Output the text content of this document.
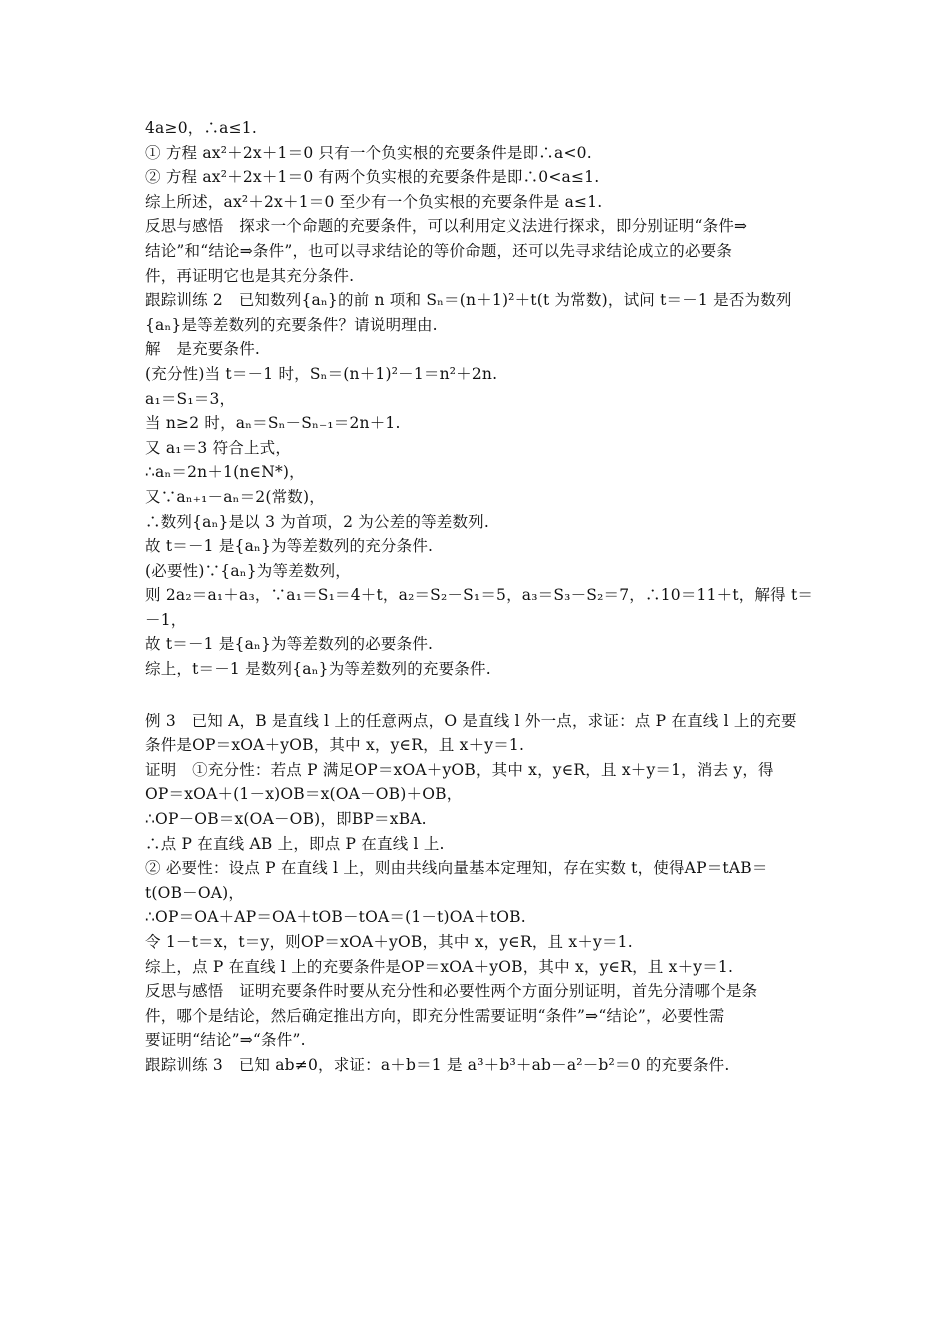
4a≥0，∴a≤1.
① 方程 ax²＋2x＋1＝0 只有一个负实根的充要条件是即∴a<0.
② 方程 ax²＋2x＋1＝0 有两个负实根的充要条件是即∴0<a≤1.
综上所述，ax²＋2x＋1＝0 至少有一个负实根的充要条件是 a≤1.
反思与感悟　探求一个命题的充要条件，可以利用定义法进行探求，即分别证明“条件⇒
结论”和“结论⇒条件”，也可以寻求结论的等价命题，还可以先寻求结论成立的必要条
件，再证明它也是其充分条件.
跟踪训练 2　已知数列{aₙ}的前 n 项和 Sₙ＝(n＋1)²＋t(t 为常数)，试问 t＝－1 是否为数列
{aₙ}是等差数列的充要条件？请说明理由.
解　是充要条件.
(充分性)当 t＝－1 时，Sₙ＝(n＋1)²－1＝n²＋2n.
a₁＝S₁＝3，
当 n≥2 时，aₙ＝Sₙ－Sₙ₋₁＝2n＋1.
又 a₁＝3 符合上式，
∴aₙ＝2n＋1(n∈N*)，
又∵aₙ₊₁－aₙ＝2(常数)，
∴数列{aₙ}是以 3 为首项，2 为公差的等差数列.
故 t＝－1 是{aₙ}为等差数列的充分条件.
(必要性)∵{aₙ}为等差数列，
则 2a₂＝a₁＋a₃，∵a₁＝S₁＝4＋t，a₂＝S₂－S₁＝5，a₃＝S₃－S₂＝7，∴10＝11＋t，解得 t＝
－1，
故 t＝－1 是{aₙ}为等差数列的必要条件.
综上，t＝－1 是数列{aₙ}为等差数列的充要条件.
例 3　已知 A，B 是直线 l 上的任意两点，O 是直线 l 外一点，求证：点 P 在直线 l 上的充要
条件是OP＝xOA＋yOB，其中 x，y∈R，且 x＋y＝1.
证明　①充分性：若点 P 满足OP＝xOA＋yOB，其中 x，y∈R，且 x＋y＝1，消去 y，得
OP＝xOA＋(1－x)OB＝x(OA－OB)＋OB，
∴OP－OB＝x(OA－OB)，即BP＝xBA.
∴点 P 在直线 AB 上，即点 P 在直线 l 上.
② 必要性：设点 P 在直线 l 上，则由共线向量基本定理知，存在实数 t，使得AP＝tAB＝
t(OB－OA)，
∴OP＝OA＋AP＝OA＋tOB－tOA＝(1－t)OA＋tOB.
令 1－t＝x，t＝y，则OP＝xOA＋yOB，其中 x，y∈R，且 x＋y＝1.
综上，点 P 在直线 l 上的充要条件是OP＝xOA＋yOB，其中 x，y∈R，且 x＋y＝1.
反思与感悟　证明充要条件时要从充分性和必要性两个方面分别证明，首先分清哪个是条
件，哪个是结论，然后确定推出方向，即充分性需要证明“条件”⇒“结论”，必要性需
要证明“结论”⇒“条件”.
跟踪训练 3　已知 ab≠0，求证：a＋b＝1 是 a³＋b³＋ab－a²－b²＝0 的充要条件.
